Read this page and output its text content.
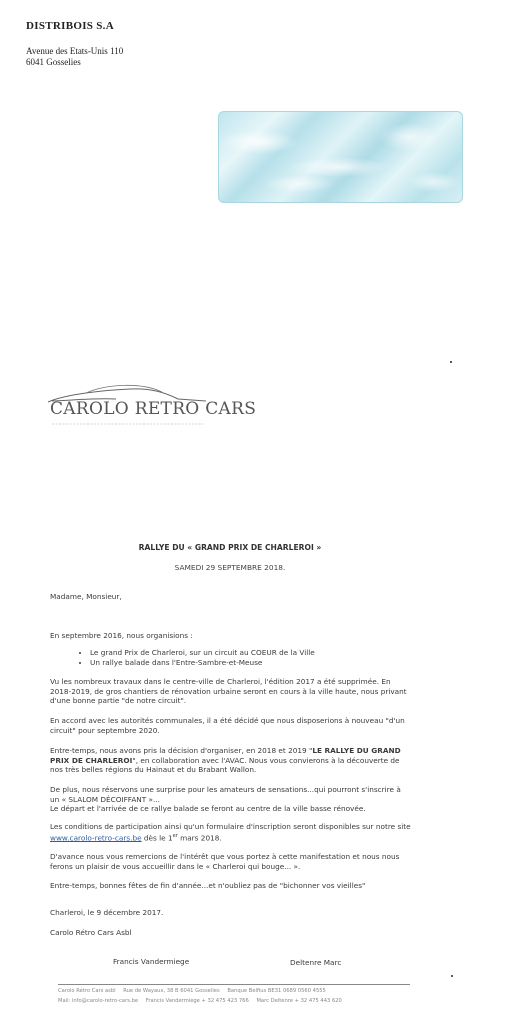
DISTRIBOIS S.A
Avenue des Etats-Unis 110
6041 Gosselies
CAROLO RETRO CARS
RALLYE DU « GRAND PRIX DE CHARLEROI »
SAMEDI 29 SEPTEMBRE 2018.
Madame, Monsieur,
En septembre 2016, nous organisions :
• Le grand Prix de Charleroi, sur un circuit au COEUR de la Ville
• Un rallye balade dans l'Entre-Sambre-et-Meuse
Vu les nombreux travaux dans le centre-ville de Charleroi, l'édition 2017 a été supprimée. En 2018-2019, de gros chantiers de rénovation urbaine seront en cours à la ville haute, nous privant d'une bonne partie "de notre circuit".
En accord avec les autorités communales, il a été décidé que nous disposerions à nouveau "d'un circuit" pour septembre 2020.
Entre-temps, nous avons pris la décision d'organiser, en 2018 et 2019 "LE RALLYE DU GRAND PRIX DE CHARLEROI", en collaboration avec l'AVAC. Nous vous convierons à la découverte de nos très belles régions du Hainaut et du Brabant Wallon.
De plus, nous réservons une surprise pour les amateurs de sensations...qui pourront s'inscrire à un « SLALOM DÉCOIFFANT »...
Le départ et l'arrivée de ce rallye balade se feront au centre de la ville basse rénovée.
Les conditions de participation ainsi qu'un formulaire d'inscription seront disponibles sur notre site www.carolo-retro-cars.be dès le 1er mars 2018.
D'avance nous vous remercions de l'intérêt que vous portez à cette manifestation et nous nous ferons un plaisir de vous accueillir dans le « Charleroi qui bouge... ».
Entre-temps, bonnes fêtes de fin d'année...et n'oubliez pas de "bichonner vos vieilles"
Charleroi, le 9 décembre 2017.
Carolo Rétro Cars Asbl
Francis Vandermiege	Deltenre Marc
Carolo Rétro Cars asbl Rue de Wayaux, 38 B 6041 Gosselies Banque Belfius BE31 0689 0560 4555
Mail: info@carolo-retro-cars.be Francis Vandermiege + 32 475 423 766 Marc Deltenre + 32 475 443 620
